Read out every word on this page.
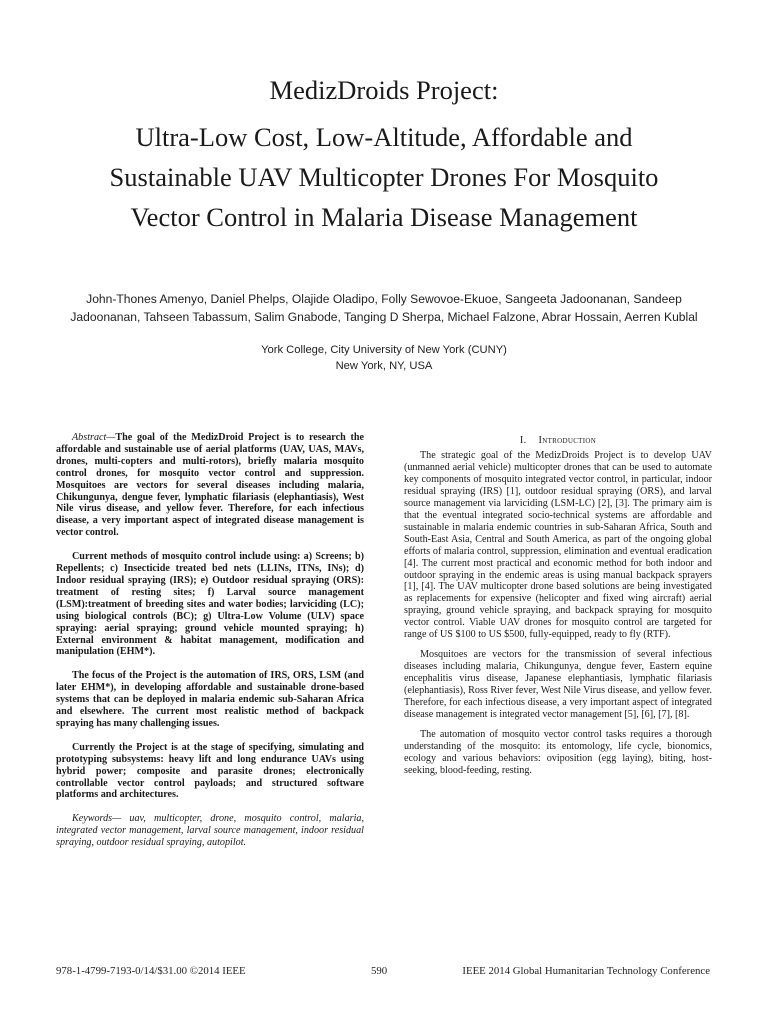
MedizDroids Project:
Ultra-Low Cost, Low-Altitude, Affordable and
Sustainable UAV Multicopter Drones For Mosquito
Vector Control in Malaria Disease Management
John-Thones Amenyo, Daniel Phelps, Olajide Oladipo, Folly Sewovoe-Ekuoe, Sangeeta Jadoonanan, Sandeep
Jadoonanan, Tahseen Tabassum, Salim Gnabode, Tanging D Sherpa, Michael Falzone, Abrar Hossain, Aerren Kublal
York College, City University of New York (CUNY)
New York, NY, USA

Abstract—The goal of the MedizDroid Project is to research the affordable and sustainable use of aerial platforms (UAV, UAS, MAVs, drones, multi-copters and multi-rotors), briefly malaria mosquito control drones, for mosquito vector control and suppression. Mosquitoes are vectors for several diseases including malaria, Chikungunya, dengue fever, lymphatic filariasis (elephantiasis), West Nile virus disease, and yellow fever. Therefore, for each infectious disease, a very important aspect of integrated disease management is vector control.

Current methods of mosquito control include using: a) Screens; b) Repellents; c) Insecticide treated bed nets (LLINs, ITNs, INs); d) Indoor residual spraying (IRS); e) Outdoor residual spraying (ORS): treatment of resting sites; f) Larval source management (LSM):treatment of breeding sites and water bodies; larviciding (LC); using biological controls (BC); g) Ultra-Low Volume (ULV) space spraying: aerial spraying; ground vehicle mounted spraying; h) External environment & habitat management, modification and manipulation (EHM*).

The focus of the Project is the automation of IRS, ORS, LSM (and later EHM*), in developing affordable and sustainable drone-based systems that can be deployed in malaria endemic sub-Saharan Africa and elsewhere. The current most realistic method of backpack spraying has many challenging issues.

Currently the Project is at the stage of specifying, simulating and prototyping subsystems: heavy lift and long endurance UAVs using hybrid power; composite and parasite drones; electronically controllable vector control payloads; and structured software platforms and architectures.

Keywords— uav, multicopter, drone, mosquito control, malaria, integrated vector management, larval source management, indoor residual spraying, outdoor residual spraying, autopilot.

I. Introduction

The strategic goal of the MedizDroids Project is to develop UAV (unmanned aerial vehicle) multicopter drones that can be used to automate key components of mosquito integrated vector control, in particular, indoor residual spraying (IRS) [1], outdoor residual spraying (ORS), and larval source management via larviciding (LSM-LC) [2], [3]. The primary aim is that the eventual integrated socio-technical systems are affordable and sustainable in malaria endemic countries in sub-Saharan Africa, South and South-East Asia, Central and South America, as part of the ongoing global efforts of malaria control, suppression, elimination and eventual eradication [4]. The current most practical and economic method for both indoor and outdoor spraying in the endemic areas is using manual backpack sprayers [1], [4]. The UAV multicopter drone based solutions are being investigated as replacements for expensive (helicopter and fixed wing aircraft) aerial spraying, ground vehicle spraying, and backpack spraying for mosquito vector control. Viable UAV drones for mosquito control are targeted for range of US $100 to US $500, fully-equipped, ready to fly (RTF).

Mosquitoes are vectors for the transmission of several infectious diseases including malaria, Chikungunya, dengue fever, Eastern equine encephalitis virus disease, Japanese elephantiasis, lymphatic filariasis (elephantiasis), Ross River fever, West Nile Virus disease, and yellow fever. Therefore, for each infectious disease, a very important aspect of integrated disease management is integrated vector management [5], [6], [7], [8].

The automation of mosquito vector control tasks requires a thorough understanding of the mosquito: its entomology, life cycle, bionomics, ecology and various behaviors: oviposition (egg laying), biting, host-seeking, blood-feeding, resting.

978-1-4799-7193-0/14/$31.00 ©2014 IEEE	590	IEEE 2014 Global Humanitarian Technology Conference
